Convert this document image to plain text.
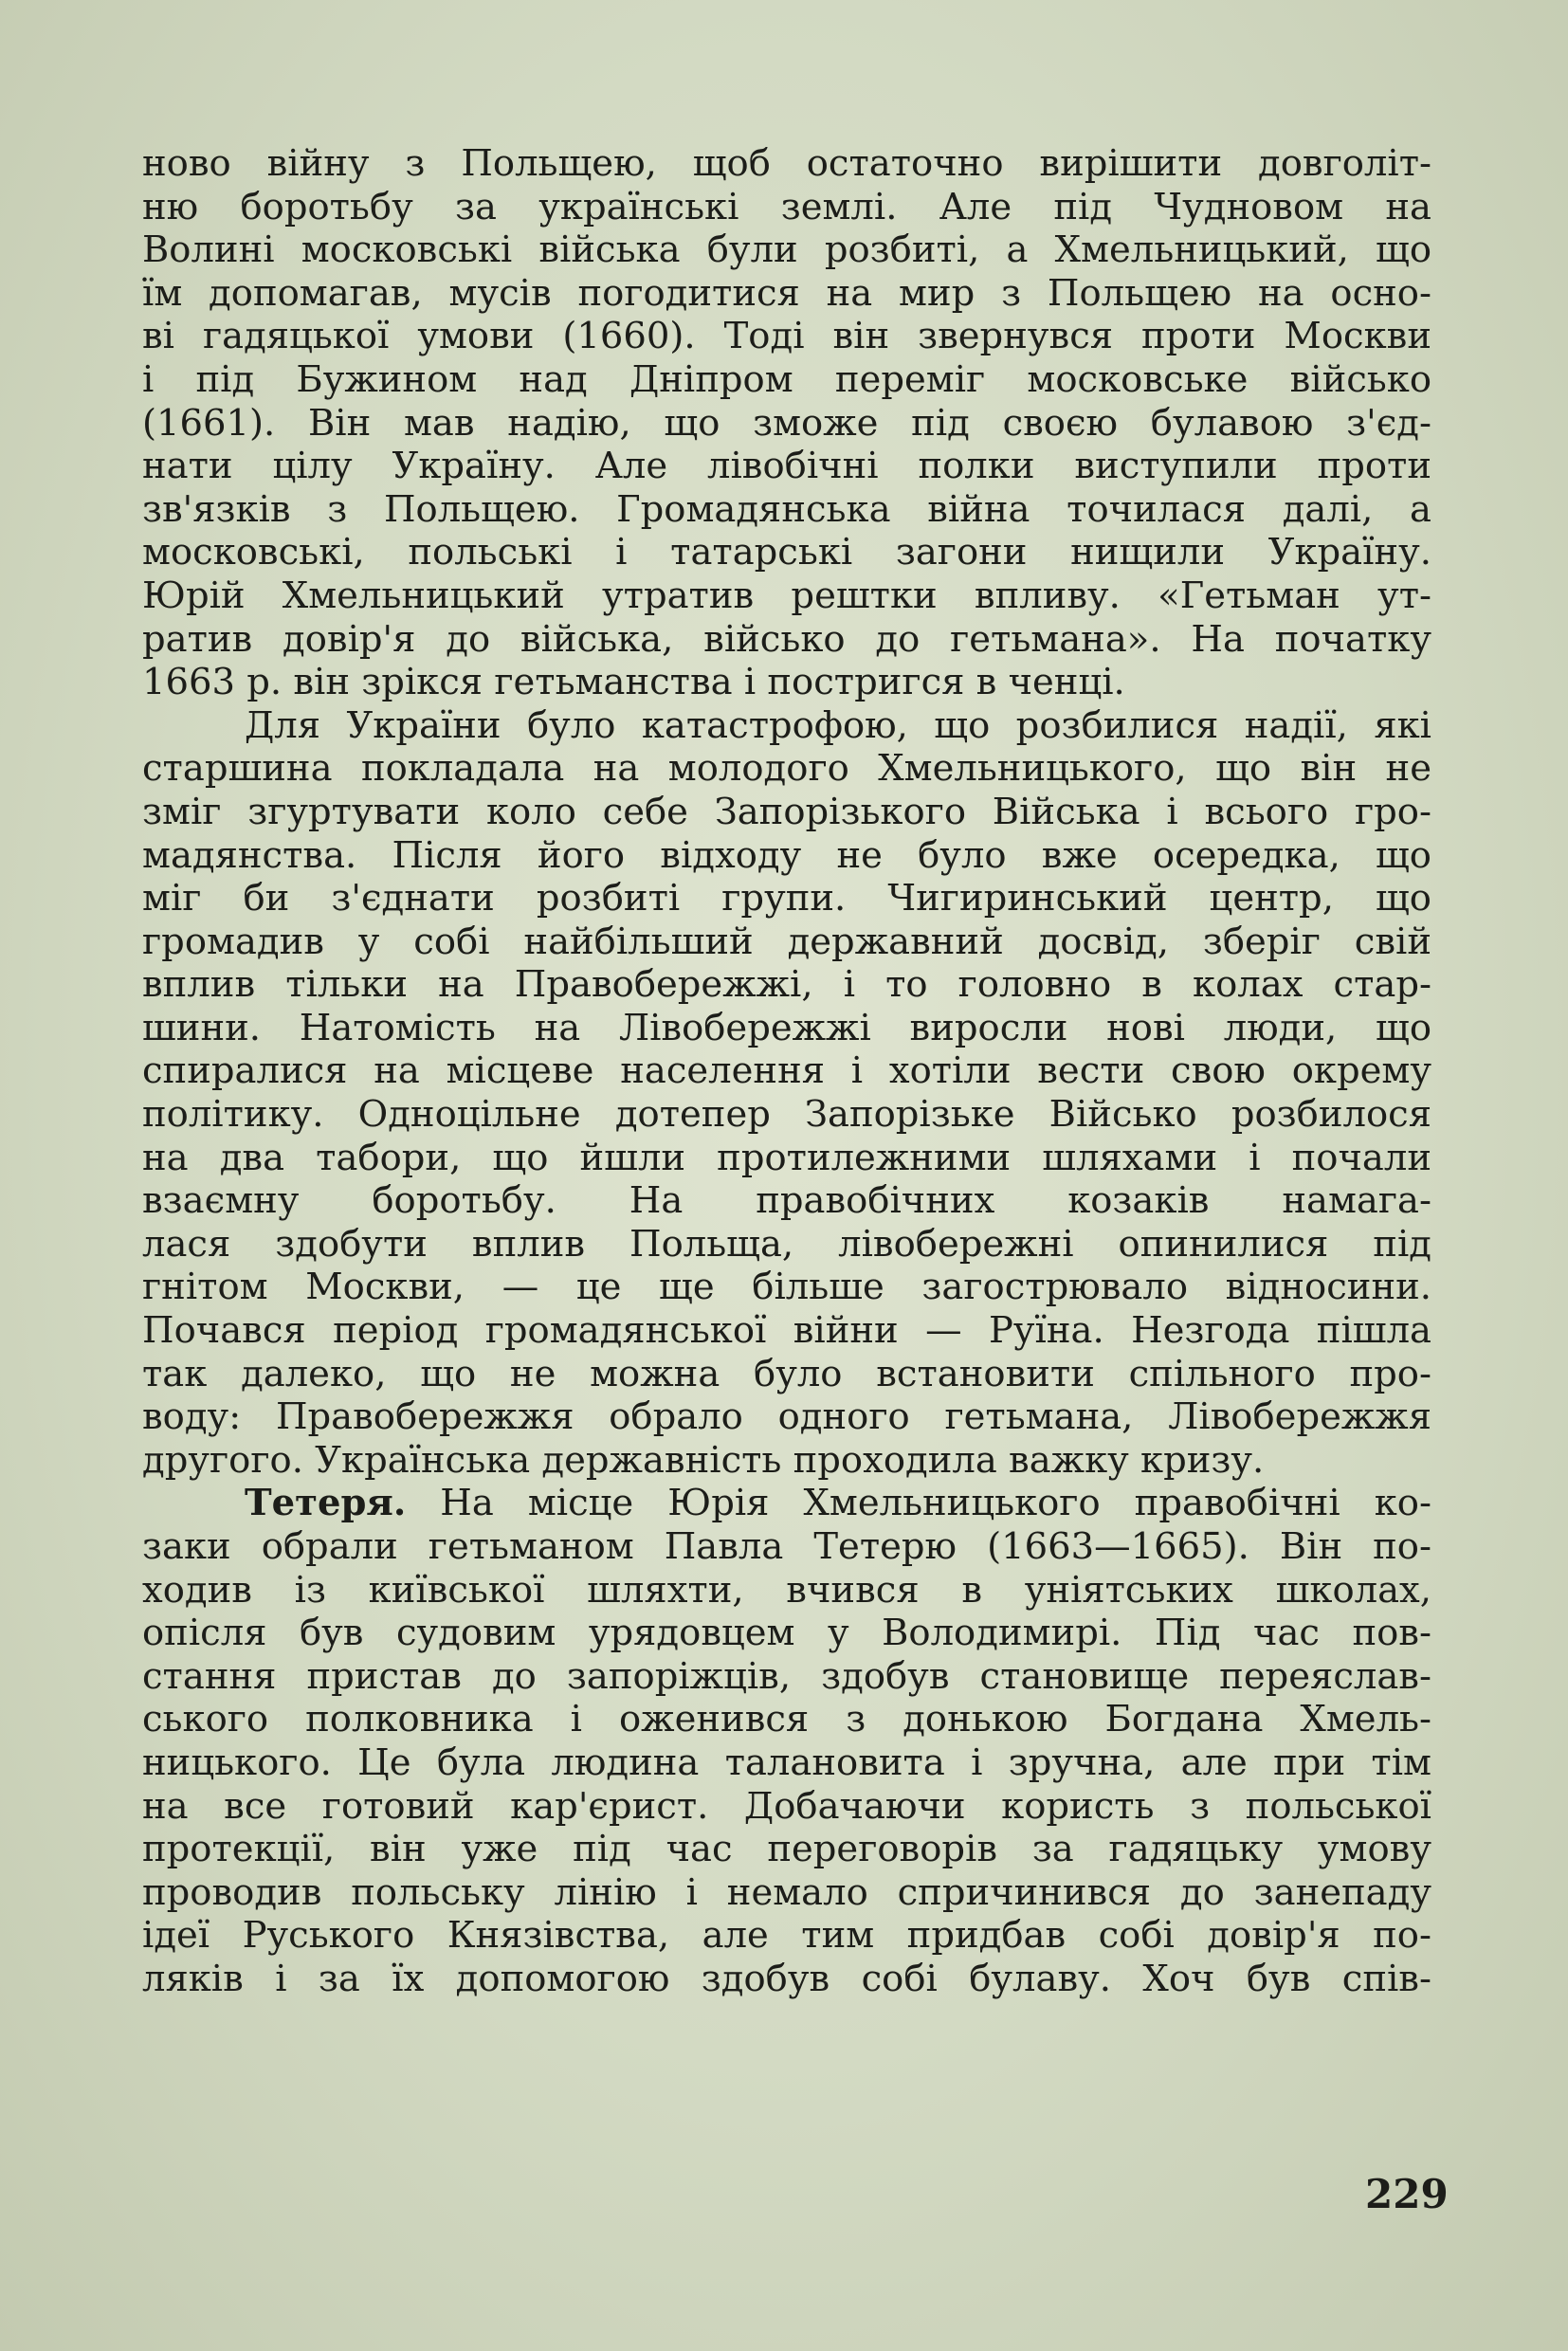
ново війну з Польщею, щоб остаточно вирішити довголіт-

ню боротьбу за українські землі. Але під Чудновом на

Волині московські війська були розбиті, а Хмельницький, що

їм допомагав, мусів погодитися на мир з Польщею на осно-

ві гадяцької умови (1660). Тоді він звернувся проти Москви

і під Бужином над Дніпром переміг московське військо

(1661). Він мав надію, що зможе під своєю булавою з'єд-

нати цілу Україну. Але лівобічні полки виступили проти

зв'язків з Польщею. Громадянська війна точилася далі, а

московські, польські і татарські загони нищили Україну.

Юрій Хмельницький утратив рештки впливу. «Гетьман ут-

ратив довір'я до війська, військо до гетьмана». На початку

1663 р. він зрікся гетьманства і постригся в ченці.

Для України було катастрофою, що розбилися надії, які

старшина покладала на молодого Хмельницького, що він не

зміг згуртувати коло себе Запорізького Війська і всього гро-

мадянства. Після його відходу не було вже осередка, що

міг би з'єднати розбиті групи. Чигиринський центр, що

громадив у собі найбільший державний досвід, зберіг свій

вплив тільки на Правобережжі, і то головно в колах стар-

шини. Натомість на Лівобережжі виросли нові люди, що

спиралися на місцеве населення і хотіли вести свою окрему

політику. Одноцільне дотепер Запорізьке Військо розбилося

на два табори, що йшли протилежними шляхами і почали

взаємну боротьбу. На правобічних козаків намага-

лася здобути вплив Польща, лівобережні опинилися під

гнітом Москви, — це ще більше загострювало відносини.

Почався період громадянської війни — Руїна. Незгода пішла

так далеко, що не можна було встановити спільного про-

воду: Правобережжя обрало одного гетьмана, Лівобережжя

другого. Українська державність проходила важку кризу.

Тетеря. На місце Юрія Хмельницького правобічні ко-

заки обрали гетьманом Павла Тетерю (1663—1665). Він по-

ходив із київської шляхти, вчився в уніятських школах,

опісля був судовим урядовцем у Володимирі. Під час пов-

стання пристав до запоріжців, здобув становище переяслав-

ського полковника і оженився з донькою Богдана Хмель-

ницького. Це була людина талановита і зручна, але при тім

на все готовий кар'єрист. Добачаючи користь з польської

протекції, він уже під час переговорів за гадяцьку умову

проводив польську лінію і немало спричинився до занепаду

ідеї Руського Князівства, але тим придбав собі довір'я по-

ляків і за їх допомогою здобув собі булаву. Хоч був спів-

229
